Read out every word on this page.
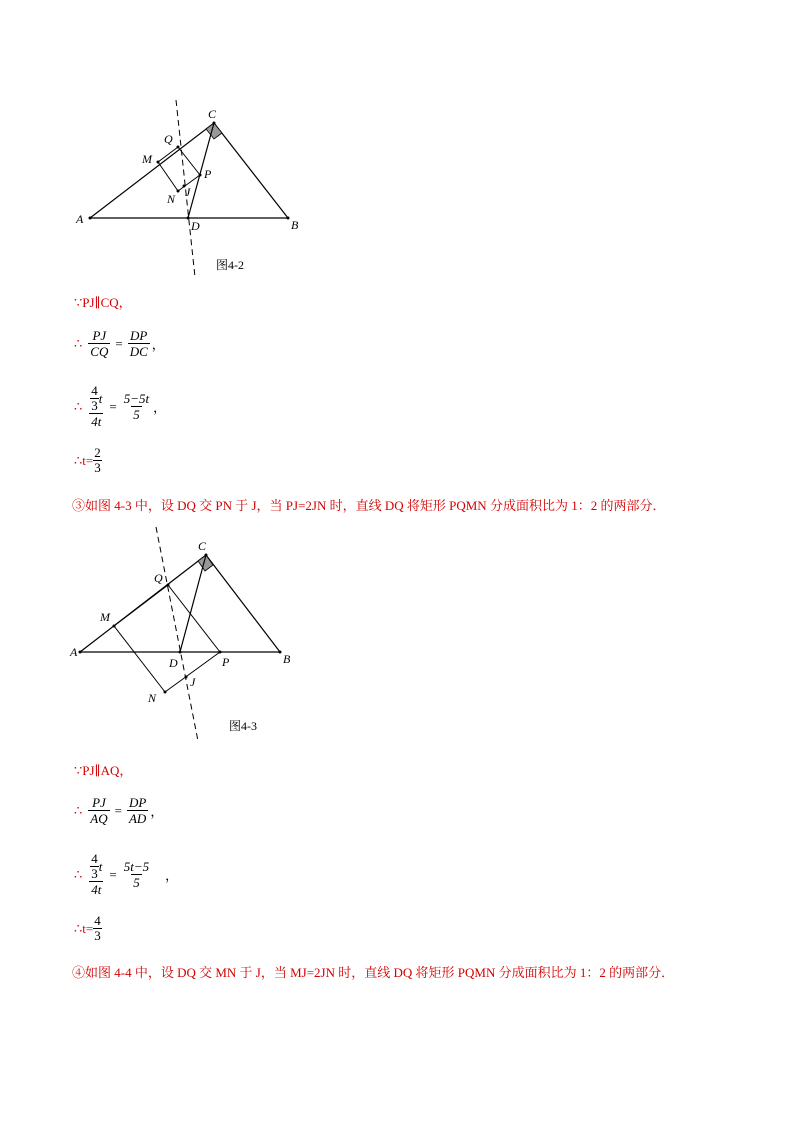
A	B
C
D
P
Q
M
N J
图4-2
∵PJ∥CQ，
∴ $\frac{PJ}{CQ} = \frac{DP}{DC}$ ，
∴ $\frac{\frac{4}{3} t}{4t} = \frac{5-5t}{5}$ ，
∴t= $\frac{2}{3}$
③如图 4-3 中，设 DQ 交 PN 于 J，当 PJ=2JN 时，直线 DQ 将矩形 PQMN 分成面积比为 1：2 的两部分．
A	B
C
D	P
Q
M
N
J
图4-3
∵PJ∥AQ，
∴ $\frac{PJ}{AQ} = \frac{DP}{AD}$ ，
∴ $\frac{\frac{4}{3} t}{4t} = \frac{5t-5}{5}$ ，
∴t= $\frac{4}{3}$
④如图 4-4 中，设 DQ 交 MN 于 J，当 MJ=2JN 时，直线 DQ 将矩形 PQMN 分成面积比为 1：2 的两部分．
